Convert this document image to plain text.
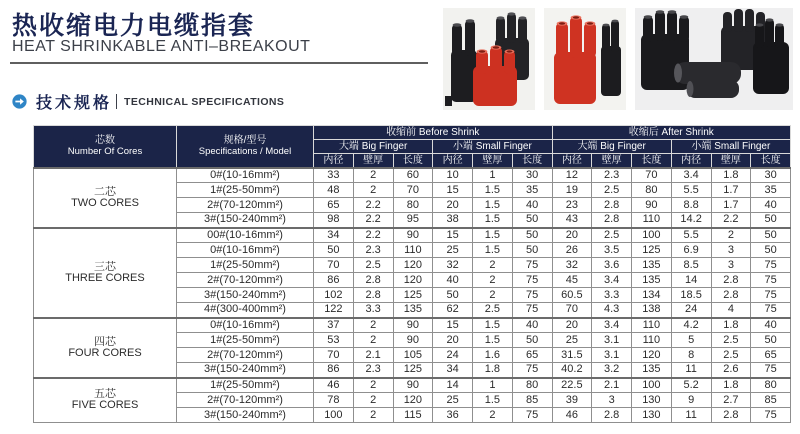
热收缩电力电缆指套
HEAT SHRINKABLE ANTI–BREAKOUT
技术规格 TECHNICAL SPECIFICATIONS
芯数
Number Of Cores

规格/型号
Specifications / Model
	收缩前 Before Shrink	收缩后 After Shrink
		大端 Big Finger			小端 Small Finger			大端 Big Finger			小端 Small Finger		
		内径	壁厚	长度	内径	壁厚	长度	内径	壁厚	长度	内径	壁厚	长度

二芯
TWO CORES	0#(10-16mm²)	33	2	60	10	1	30	12	2.3	70	3.4	1.8	30
	1#(25-50mm²)	48	2	70	15	1.5	35	19	2.5	80	5.5	1.7	35
	2#(70-120mm²)	65	2.2	80	20	1.5	40	23	2.8	90	8.8	1.7	40
	3#(150-240mm²)	98	2.2	95	38	1.5	50	43	2.8	110	14.2	2.2	50

三芯
THREE CORES	00#(10-16mm²)	34	2.2	90	15	1.5	50	20	2.5	100	5.5	2	50
	0#(10-16mm²)	50	2.3	110	25	1.5	50	26	3.5	125	6.9	3	50
	1#(25-50mm²)	70	2.5	120	32	2	75	32	3.6	135	8.5	3	75
	2#(70-120mm²)	86	2.8	120	40	2	75	45	3.4	135	14	2.8	75
	3#(150-240mm²)	102	2.8	125	50	2	75	60.5	3.3	134	18.5	2.8	75
	4#(300-400mm²)	122	3.3	135	62	2.5	75	70	4.3	138	24	4	75

四芯
FOUR CORES	0#(10-16mm²)	37	2	90	15	1.5	40	20	3.4	110	4.2	1.8	40
	1#(25-50mm²)	53	2	90	20	1.5	50	25	3.1	110	5	2.5	50
	2#(70-120mm²)	70	2.1	105	24	1.6	65	31.5	3.1	120	8	2.5	65
	3#(150-240mm²)	86	2.3	125	34	1.8	75	40.2	3.2	135	11	2.6	75

五芯
FIVE CORES	1#(25-50mm²)	46	2	90	14	1	80	22.5	2.1	100	5.2	1.8	80
	2#(70-120mm²)	78	2	120	25	1.5	85	39	3	130	9	2.7	85
	3#(150-240mm²)	100	2	115	36	2	75	46	2.8	130	11	2.8	75
